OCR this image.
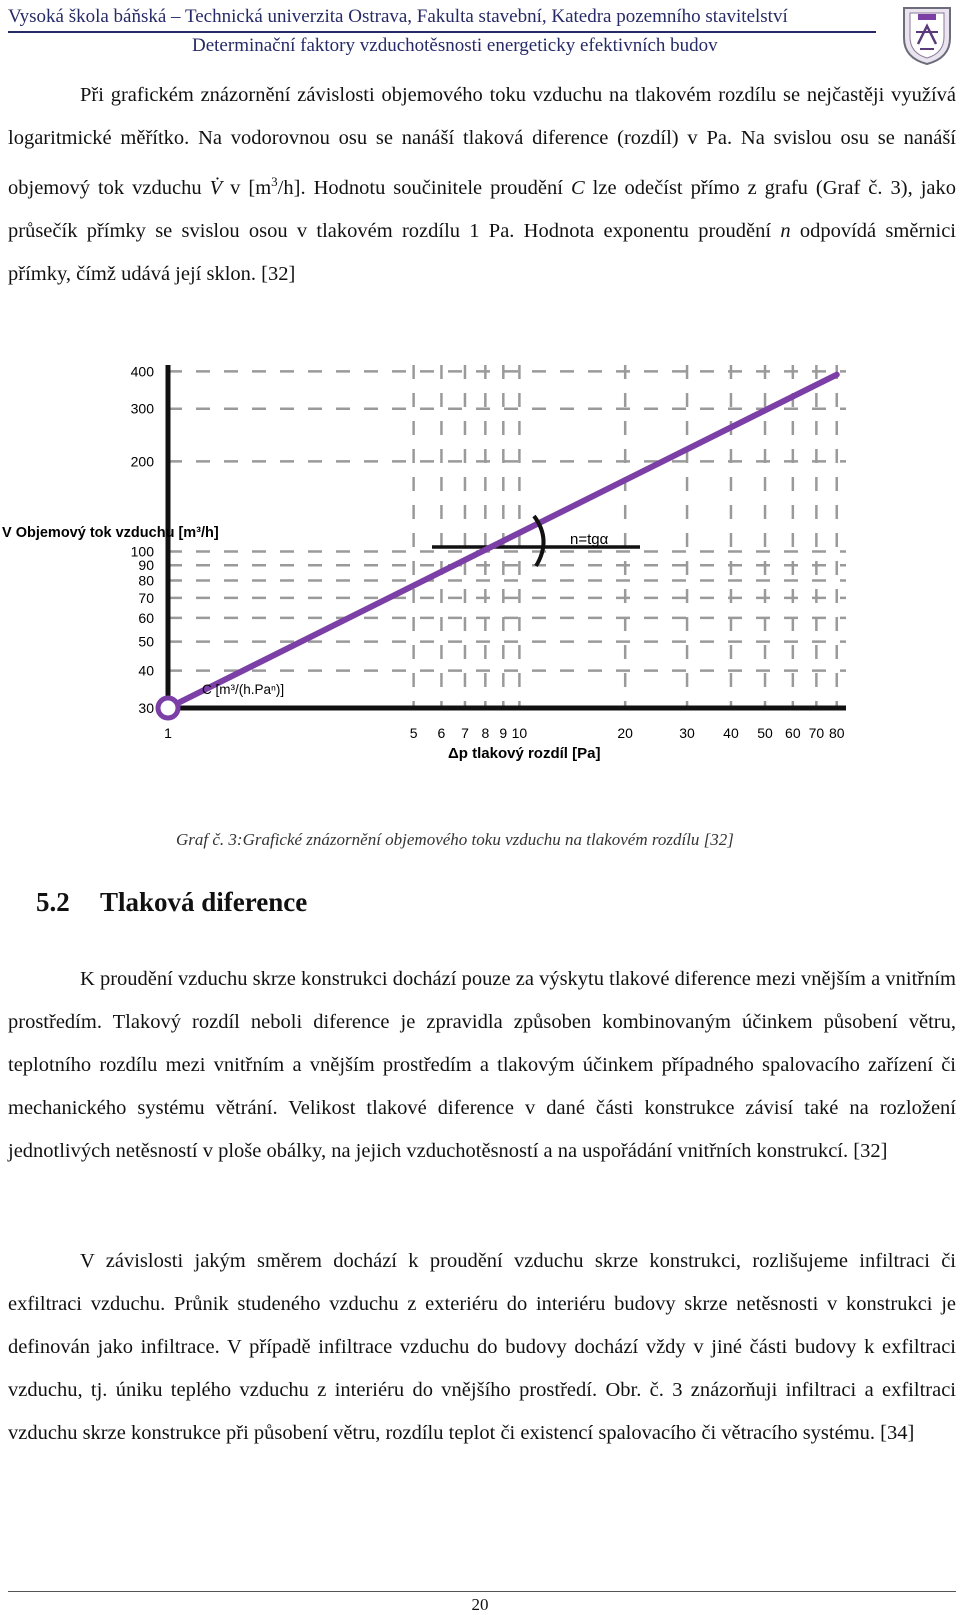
Vysoká škola báňská – Technická univerzita Ostrava, Fakulta stavební, Katedra pozemního stavitelství
Determinační faktory vzduchotěsnosti energeticky efektivních budov

Při grafickém znázornění závislosti objemového toku vzduchu na tlakovém rozdílu se nejčastěji využívá logaritmické měřítko. Na vodorovnou osu se nanáší tlaková diference (rozdíl) v Pa. Na svislou osu se nanáší objemový tok vzduchu V̇ v $[m^3/h]$. Hodnotu součinitele proudění C lze odečíst přímo z grafu (Graf č. 3), jako průsečík přímky se svislou osou v tlakovém rozdílu 1 Pa. Hodnota exponentu proudění n odpovídá směrnici přímky, čímž udává její sklon. [32]

1	5 6 7 8 9 10	20	30 40 50 60 70 80
400
300
200
100
90
80
70
60
50
40
30
V Objemový tok vzduchu [m³/h]
Δp tlakový rozdíl [Pa]
n=tgα
C [m³/(h.Paⁿ)]
Graf č. 3:Grafické znázornění objemového toku vzduchu na tlakovém rozdílu [32]
5.2 Tlaková diference

K proudění vzduchu skrze konstrukci dochází pouze za výskytu tlakové diference mezi vnějším a vnitřním prostředím. Tlakový rozdíl neboli diference je zpravidla způsoben kombinovaným účinkem působení větru, teplotního rozdílu mezi vnitřním a vnějším prostředím a tlakovým účinkem případného spalovacího zařízení či mechanického systému větrání. Velikost tlakové diference v dané části konstrukce závisí také na rozložení jednotlivých netěsností v ploše obálky, na jejich vzduchotěsností a na uspořádání vnitřních konstrukcí. [32]

V závislosti jakým směrem dochází k proudění vzduchu skrze konstrukci, rozlišujeme infiltraci či exfiltraci vzduchu. Průnik studeného vzduchu z exteriéru do interiéru budovy skrze netěsnosti v konstrukci je definován jako infiltrace. V případě infiltrace vzduchu do budovy dochází vždy v jiné části budovy k exfiltraci vzduchu, tj. úniku teplého vzduchu z interiéru do vnějšího prostředí. Obr. č. 3 znázorňuji infiltraci a exfiltraci vzduchu skrze konstrukce při působení větru, rozdílu teplot či existencí spalovacího či větracího systému. [34]

20
